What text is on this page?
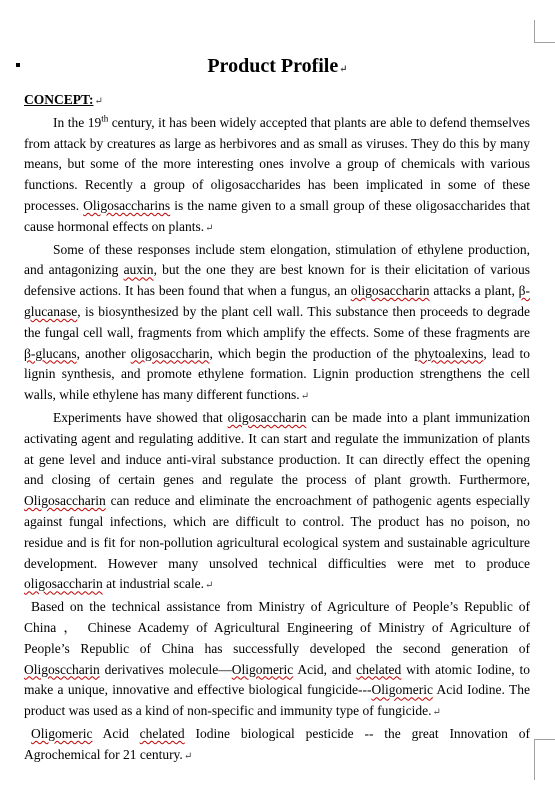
Product Profile↵
CONCEPT:↵

In the 19th century, it has been widely accepted that plants are able to defend themselves from attack by creatures as large as herbivores and as small as viruses. They do this by many means, but some of the more interesting ones involve a group of chemicals with various functions. Recently a group of oligosaccharides has been implicated in some of these processes. Oligosaccharins is the name given to a small group of these oligosaccharides that cause hormonal effects on plants.↵

Some of these responses include stem elongation, stimulation of ethylene production, and antagonizing auxin, but the one they are best known for is their elicitation of various defensive actions. It has been found that when a fungus, an oligosaccharin attacks a plant, β-glucanase, is biosynthesized by the plant cell wall. This substance then proceeds to degrade the fungal cell wall, fragments from which amplify the effects. Some of these fragments are β-glucans, another oligosaccharin, which begin the production of the phytoalexins, lead to lignin synthesis, and promote ethylene formation. Lignin production strengthens the cell walls, while ethylene has many different functions.↵

Experiments have showed that oligosaccharin can be made into a plant immunization activating agent and regulating additive. It can start and regulate the immunization of plants at gene level and induce anti-viral substance production. It can directly effect the opening and closing of certain genes and regulate the process of plant growth. Furthermore, Oligosaccharin can reduce and eliminate the encroachment of pathogenic agents especially against fungal infections, which are difficult to control. The product has no poison, no residue and is fit for non-pollution agricultural ecological system and sustainable agriculture development. However many unsolved technical difficulties were met to produce oligosaccharin at industrial scale.↵

Based on the technical assistance from Ministry of Agriculture of People’s Republic of China ， Chinese Academy of Agricultural Engineering of Ministry of Agriculture of People’s Republic of China has successfully developed the second generation of Oligosccharin derivatives molecule—Oligomeric Acid, and chelated with atomic Iodine, to make a unique, innovative and effective biological fungicide---Oligomeric Acid Iodine. The product was used as a kind of non-specific and immunity type of fungicide.↵

Oligomeric Acid chelated Iodine biological pesticide -- the great Innovation of Agrochemical for 21 century.↵
